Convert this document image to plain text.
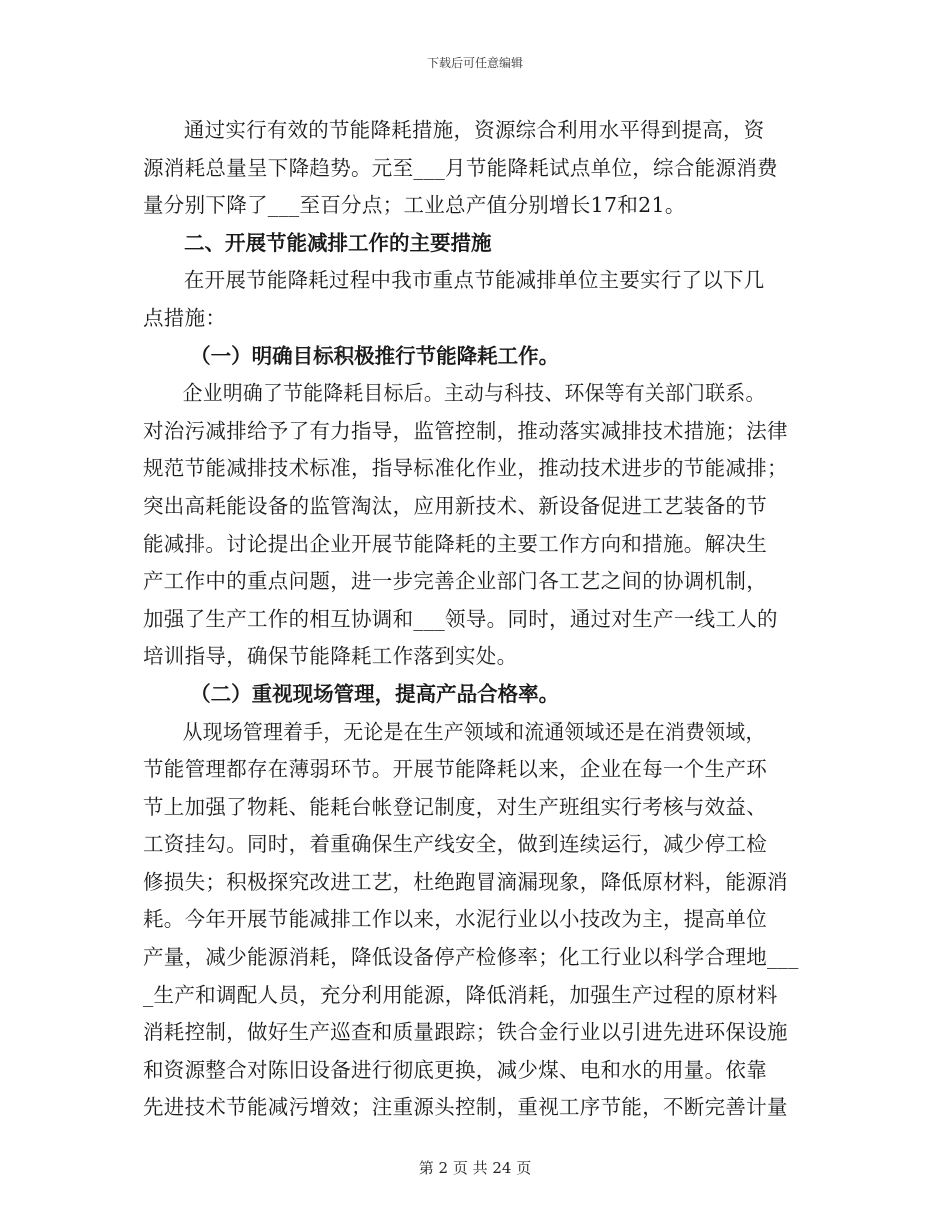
下载后可任意编辑

通过实行有效的节能降耗措施，资源综合利用水平得到提高，资
源消耗总量呈下降趋势。元至___月节能降耗试点单位，综合能源消费
量分别下降了___至百分点；工业总产值分别增长17和21。

二、开展节能减排工作的主要措施

在开展节能降耗过程中我市重点节能减排单位主要实行了以下几
点措施：

（一）明确目标积极推行节能降耗工作。

企业明确了节能降耗目标后。主动与科技、环保等有关部门联系。
对治污减排给予了有力指导，监管控制，推动落实减排技术措施；法律
规范节能减排技术标准，指导标准化作业，推动技术进步的节能减排；
突出高耗能设备的监管淘汰，应用新技术、新设备促进工艺装备的节
能减排。讨论提出企业开展节能降耗的主要工作方向和措施。解决生
产工作中的重点问题，进一步完善企业部门各工艺之间的协调机制，
加强了生产工作的相互协调和___领导。同时，通过对生产一线工人的
培训指导，确保节能降耗工作落到实处。

（二）重视现场管理，提高产品合格率。

从现场管理着手，无论是在生产领域和流通领域还是在消费领域，
节能管理都存在薄弱环节。开展节能降耗以来，企业在每一个生产环
节上加强了物耗、能耗台帐登记制度，对生产班组实行考核与效益、
工资挂勾。同时，着重确保生产线安全，做到连续运行，减少停工检
修损失；积极探究改进工艺，杜绝跑冒滴漏现象，降低原材料，能源消
耗。今年开展节能减排工作以来，水泥行业以小技改为主，提高单位
产量，减少能源消耗，降低设备停产检修率；化工行业以科学合理地___
_生产和调配人员，充分利用能源，降低消耗，加强生产过程的原材料
消耗控制，做好生产巡查和质量跟踪；铁合金行业以引进先进环保设施
和资源整合对陈旧设备进行彻底更换，减少煤、电和水的用量。依靠
先进技术节能减污增效；注重源头控制，重视工序节能，不断完善计量

第 2 页 共 24 页
